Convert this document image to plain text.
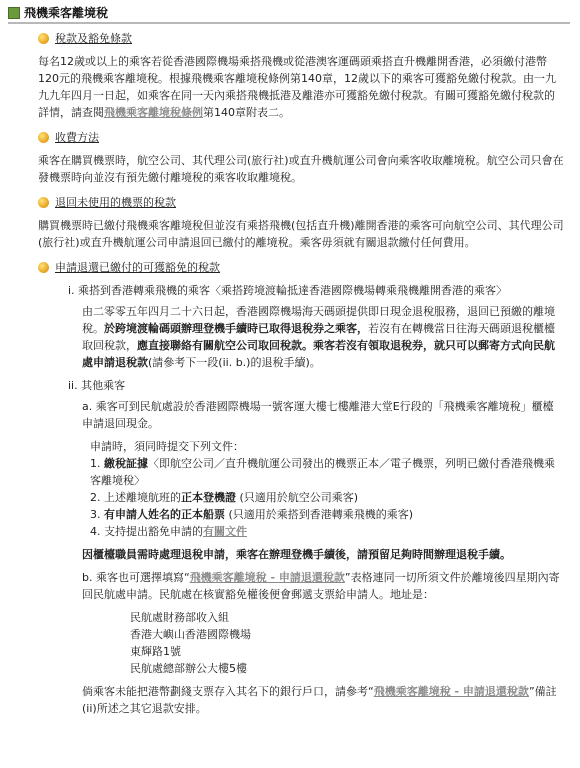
飛機乘客離境稅
稅款及豁免條款
每名12歲或以上的乘客若從香港國際機場乘搭飛機或從港澳客運碼頭乘搭直升機離開香港，必須繳付港幣120元的飛機乘客離境稅。根據飛機乘客離境稅條例第140章，12歲以下的乘客可獲豁免繳付稅款。由一九九九年四月一日起，如乘客在同一天內乘搭飛機抵港及離港亦可獲豁免繳付稅款。有關可獲豁免繳付稅款的詳情，請查閱飛機乘客離境稅條例第140章附表二。
收費方法
乘客在購買機票時，航空公司、其代理公司(旅行社)或直升機航運公司會向乘客收取離境稅。航空公司只會在發機票時向並沒有預先繳付離境稅的乘客收取離境稅。
退回未使用的機票的稅款
購買機票時已繳付飛機乘客離境稅但並沒有乘搭飛機(包括直升機)離開香港的乘客可向航空公司、其代理公司(旅行社)或直升機航運公司申請退回已繳付的離境稅。乘客毋須就有關退款繳付任何費用。
申請退還已繳付的可獲豁免的稅款
i. 乘搭到香港轉乘飛機的乘客〈乘搭跨境渡輪抵達香港國際機場轉乘飛機離開香港的乘客〉
由二零零五年四月二十六日起，香港國際機場海天碼頭提供即日現金退稅服務，退回已預繳的離境稅。於跨境渡輪碼頭辦理登機手續時已取得退稅券之乘客，若沒有在轉機當日往海天碼頭退稅櫃檯取回稅款，應直接聯絡有關航空公司取回稅款。乘客若沒有領取退稅券，就只可以郵寄方式向民航處申請退稅款(請參考下一段(ii. b.)的退稅手續)。
ii. 其他乘客
a. 乘客可到民航處設於香港國際機場一號客運大樓七樓離港大堂E行段的「飛機乘客離境稅」櫃檯申請退回現金。
申請時，須同時提交下列文件：
1. 繳稅証據〈即航空公司／直升機航運公司發出的機票正本／電子機票，列明已繳付香港飛機乘客離境稅〉
2. 上述離境航班的正本登機證 (只適用於航空公司乘客)
3. 有申請人姓名的正本船票 (只適用於乘搭到香港轉乘飛機的乘客)
4. 支持提出豁免申請的有關文件
因櫃檯職員需時處理退稅申請，乘客在辦理登機手續後，請預留足夠時間辦理退稅手續。
b. 乘客也可選擇填寫“飛機乘客離境稅 - 申請退還稅款”表格連同一切所須文件於離境後四星期內寄回民航處申請。民航處在核實豁免權後便會郵遞支票給申請人。地址是：
民航處財務部收入組
香港大嶼山香港國際機場
東輝路1號
民航處總部辦公大樓5樓
倘乘客未能把港幣劃綫支票存入其名下的銀行戶口，請參考“飛機乘客離境稅 - 申請退還稅款”備註(ii)所述之其它退款安排。
